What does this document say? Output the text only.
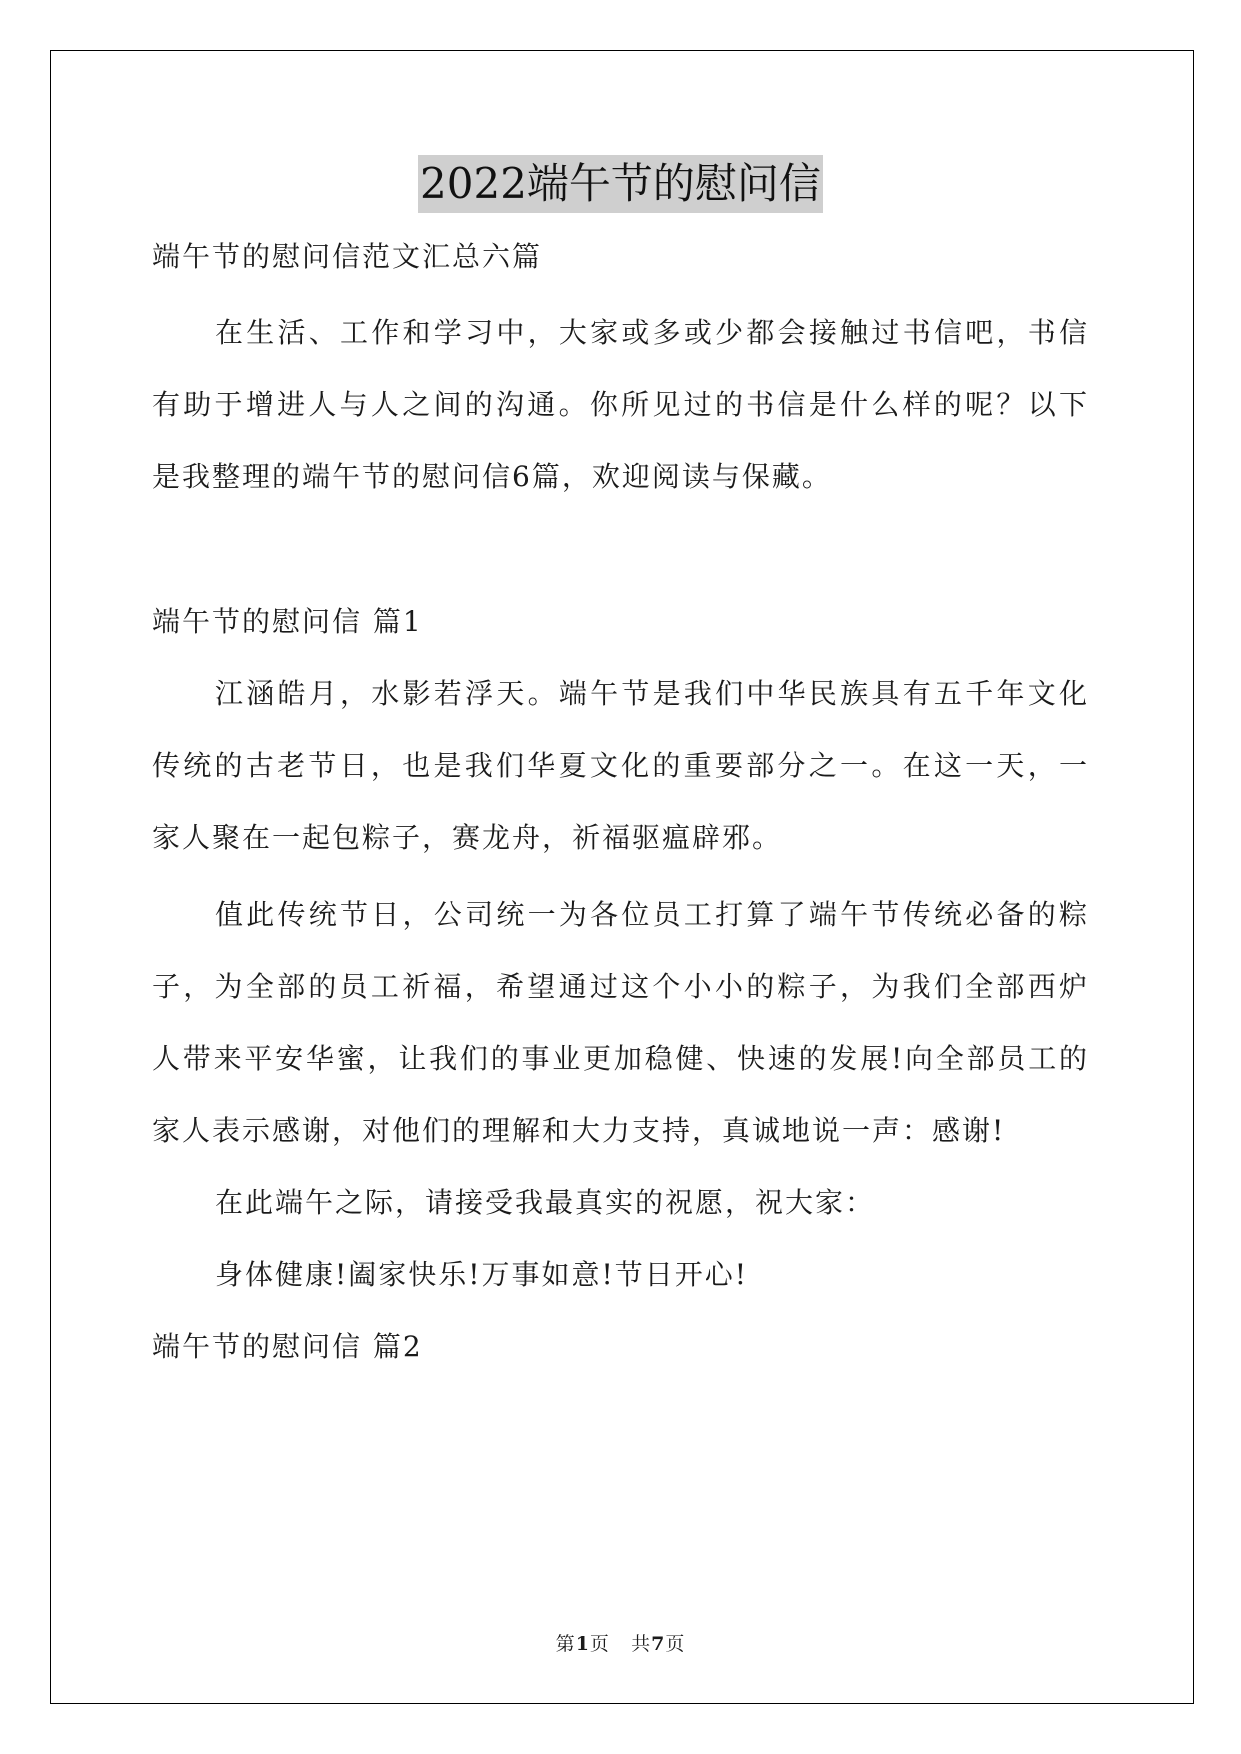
2022端午节的慰问信
端午节的慰问信范文汇总六篇
在生活、工作和学习中，大家或多或少都会接触过书信吧，书信
有助于增进人与人之间的沟通。你所见过的书信是什么样的呢？以下
是我整理的端午节的慰问信6篇，欢迎阅读与保藏。
端午节的慰问信 篇1
江涵皓月，水影若浮天。端午节是我们中华民族具有五千年文化
传统的古老节日，也是我们华夏文化的重要部分之一。在这一天，一
家人聚在一起包粽子，赛龙舟，祈福驱瘟辟邪。
值此传统节日，公司统一为各位员工打算了端午节传统必备的粽
子，为全部的员工祈福，希望通过这个小小的粽子，为我们全部西炉
人带来平安华蜜，让我们的事业更加稳健、快速的发展!向全部员工的
家人表示感谢，对他们的理解和大力支持，真诚地说一声：感谢!
在此端午之际，请接受我最真实的祝愿，祝大家：
身体健康!阖家快乐!万事如意!节日开心!
端午节的慰问信 篇2
第1页 共7页
